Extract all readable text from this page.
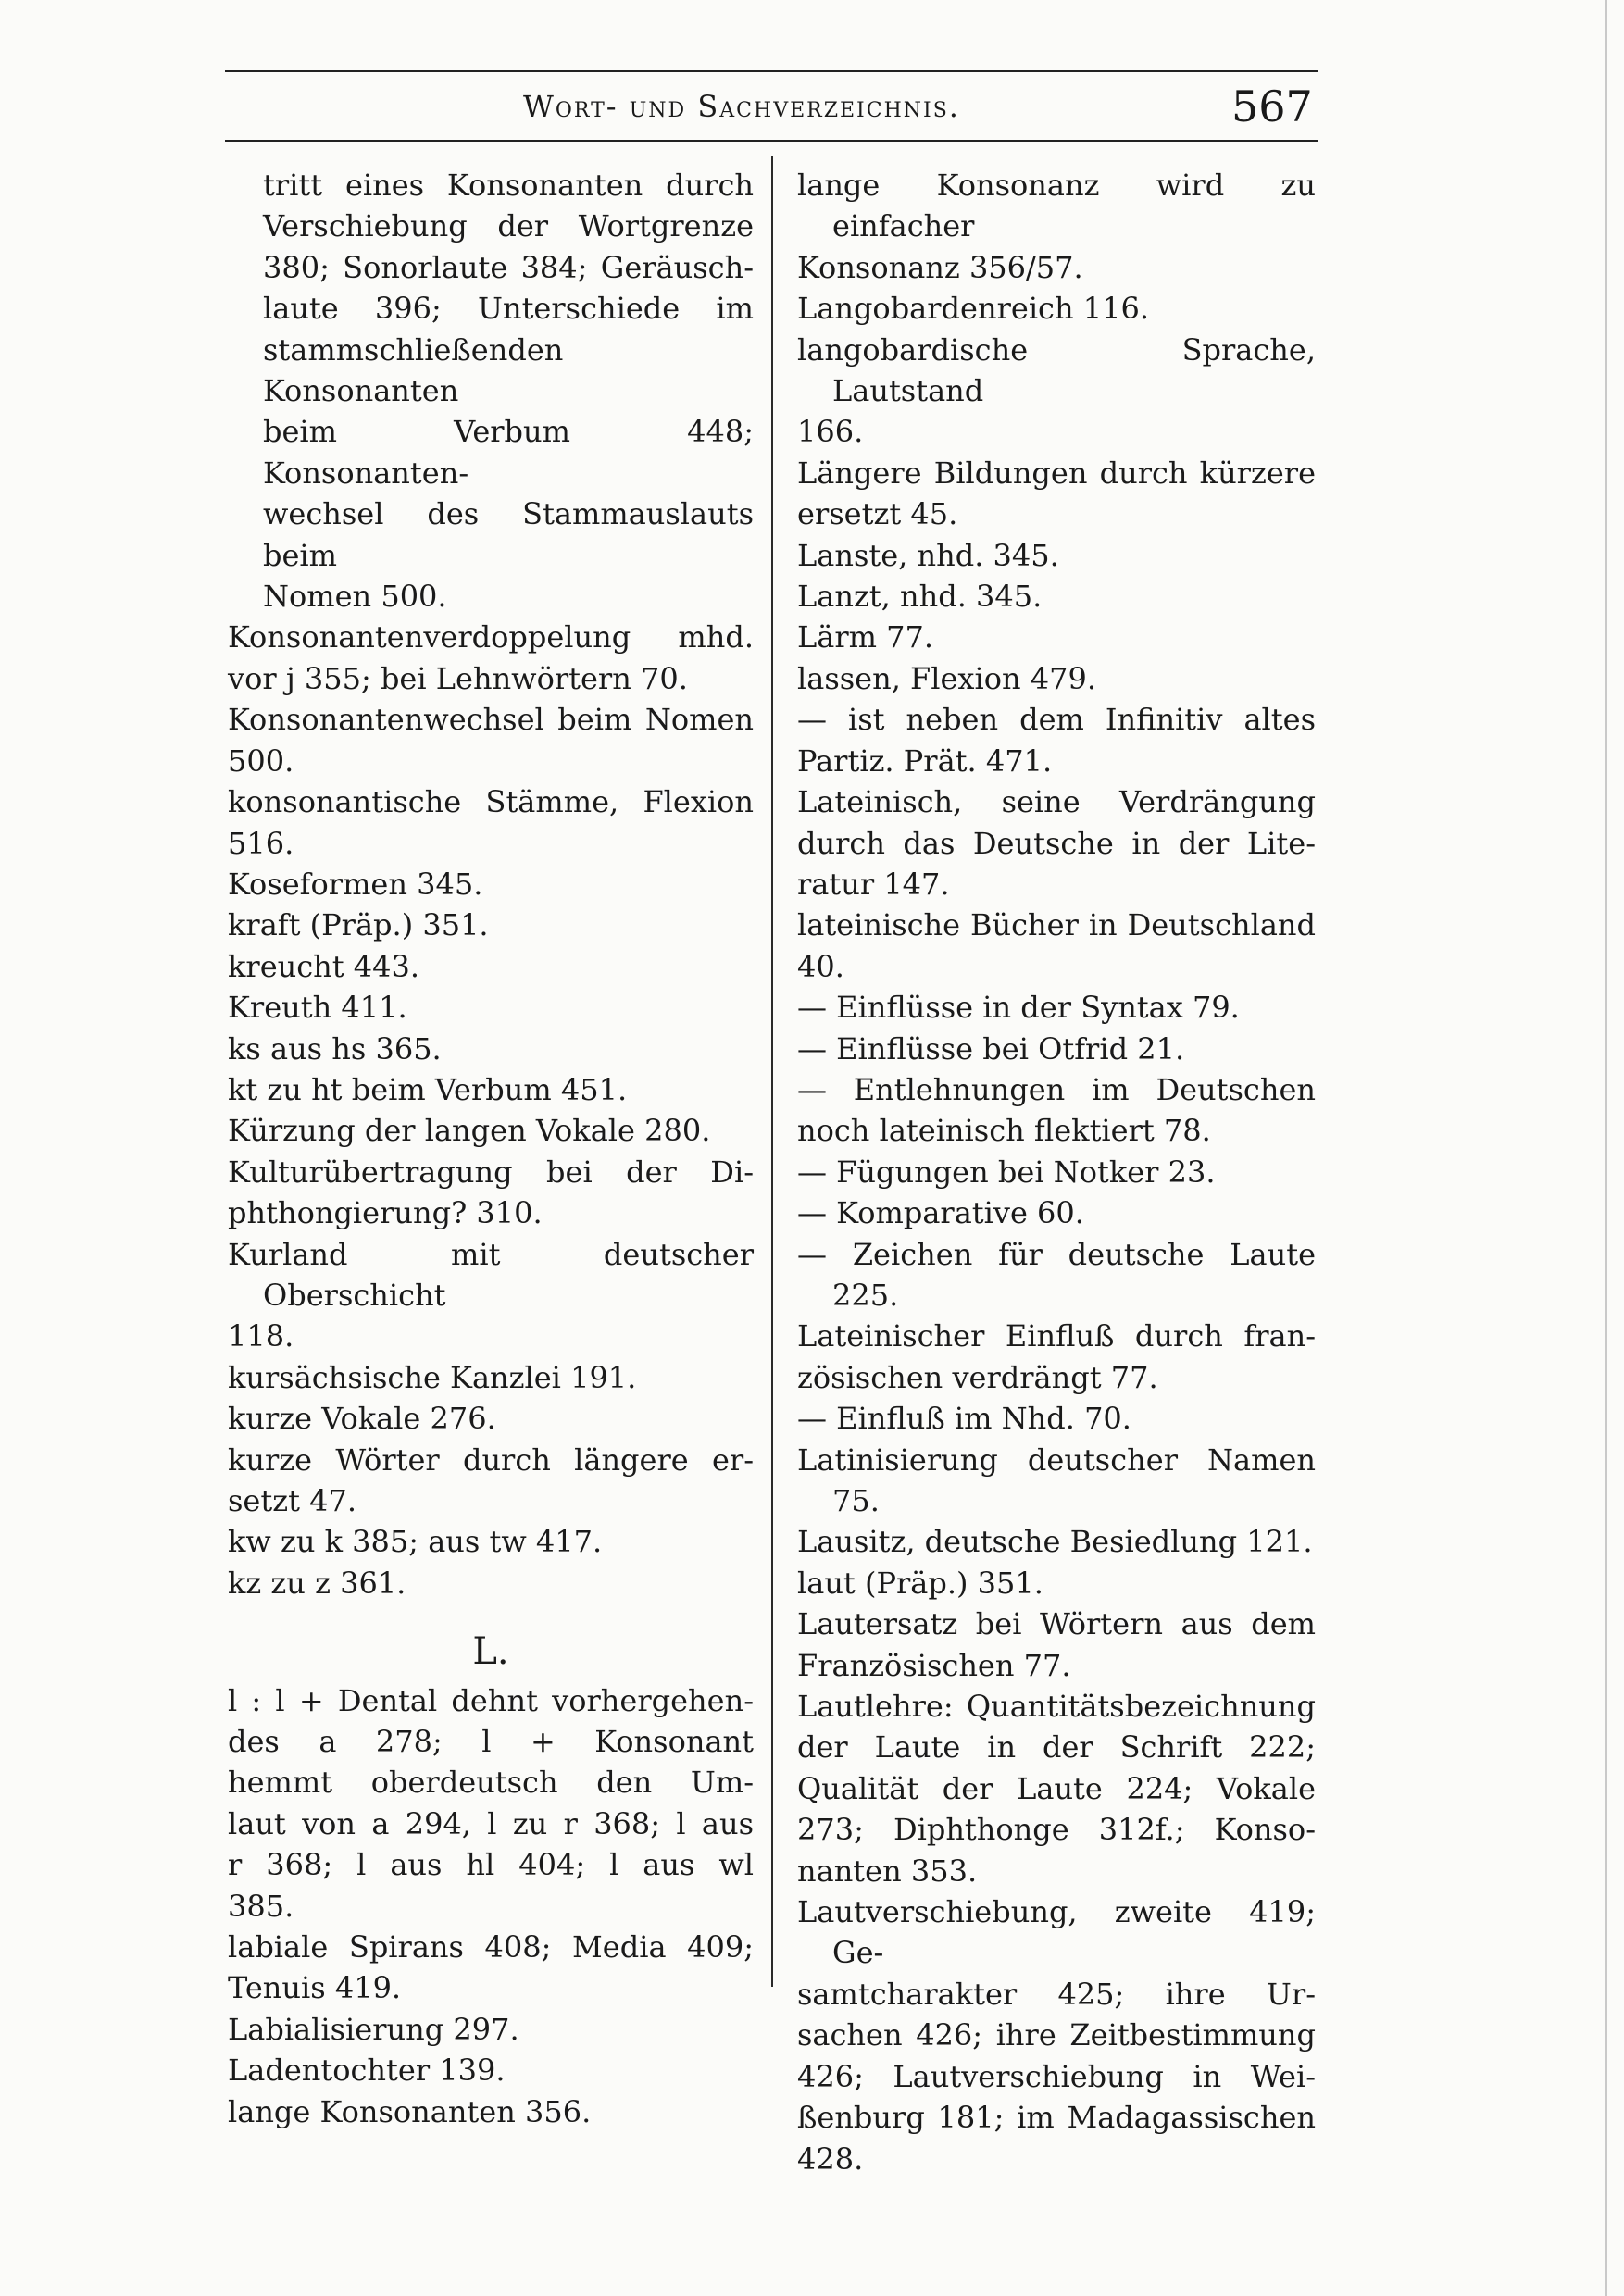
Wort- und Sachverzeichnis.	567
tritt eines Konsonanten durch
Verschiebung der Wortgrenze
380; Sonorlaute 384; Geräusch-
laute 396; Unterschiede im
stammschließenden Konsonanten
beim Verbum 448; Konsonanten-
wechsel des Stammauslauts beim
Nomen 500.
Konsonantenverdoppelung mhd.
vor j 355; bei Lehnwörtern 70.
Konsonantenwechsel beim Nomen
500.
konsonantische Stämme, Flexion
516.
Koseformen 345.
kraft (Präp.) 351.
kreucht 443.
Kreuth 411.
ks aus hs 365.
kt zu ht beim Verbum 451.
Kürzung der langen Vokale 280.
Kulturübertragung bei der Di-
phthongierung? 310.
Kurland mit deutscher Oberschicht
118.
kursächsische Kanzlei 191.
kurze Vokale 276.
kurze Wörter durch längere er-
setzt 47.
kw zu k 385; aus tw 417.
kz zu z 361.
L.
l : l + Dental dehnt vorhergehen-
des a 278; l + Konsonant
hemmt oberdeutsch den Um-
laut von a 294, l zu r 368; l aus
r 368; l aus hl 404; l aus wl
385.
labiale Spirans 408; Media 409;
Tenuis 419.
Labialisierung 297.
Ladentochter 139.
lange Konsonanten 356.
lange Konsonanz wird zu einfacher
Konsonanz 356/57.
Langobardenreich 116.
langobardische Sprache, Lautstand
166.
Längere Bildungen durch kürzere
ersetzt 45.
Lanste, nhd. 345.
Lanzt, nhd. 345.
Lärm 77.
lassen, Flexion 479.
— ist neben dem Infinitiv altes
Partiz. Prät. 471.
Lateinisch, seine Verdrängung
durch das Deutsche in der Lite-
ratur 147.
lateinische Bücher in Deutschland
40.
— Einflüsse in der Syntax 79.
— Einflüsse bei Otfrid 21.
— Entlehnungen im Deutschen
noch lateinisch flektiert 78.
— Fügungen bei Notker 23.
— Komparative 60.
— Zeichen für deutsche Laute 225.
Lateinischer Einfluß durch fran-
zösischen verdrängt 77.
— Einfluß im Nhd. 70.
Latinisierung deutscher Namen 75.
Lausitz, deutsche Besiedlung 121.
laut (Präp.) 351.
Lautersatz bei Wörtern aus dem
Französischen 77.
Lautlehre: Quantitätsbezeichnung
der Laute in der Schrift 222;
Qualität der Laute 224; Vokale
273; Diphthonge 312f.; Konso-
nanten 353.
Lautverschiebung, zweite 419; Ge-
samtcharakter 425; ihre Ur-
sachen 426; ihre Zeitbestimmung
426; Lautverschiebung in Wei-
ßenburg 181; im Madagassischen
428.
